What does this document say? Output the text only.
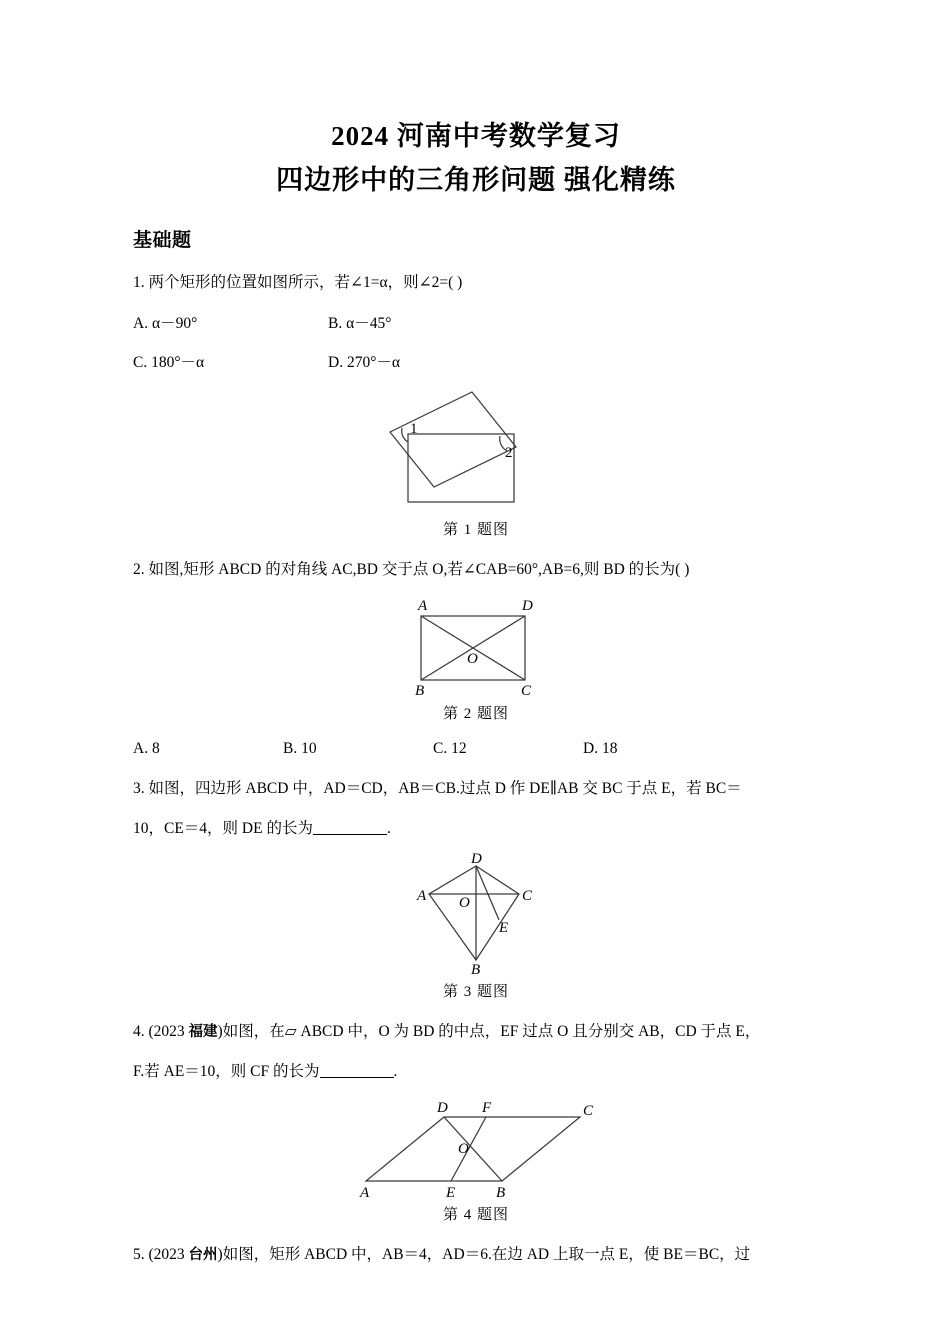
2024 河南中考数学复习
四边形中的三角形问题 强化精练
基础题
1. 两个矩形的位置如图所示，若∠1=α，则∠2=( )
A. α－90°	B. α－45°
C. 180°－α	D. 270°－α
1
2
第 1 题图
2. 如图,矩形 ABCD 的对角线 AC,BD 交于点 O,若∠CAB=60°,AB=6,则 BD 的长为( )
A	D
B	C
O
第 2 题图
A. 8	B. 10	C. 12	D. 18
3. 如图，四边形 ABCD 中，AD＝CD，AB＝CB.过点 D 作 DE∥AB 交 BC 于点 E，若 BC＝
10，CE＝4，则 DE 的长为	.
A	C
D
B
O
E
第 3 题图
4. (2023 福建)如图，在▱ ABCD 中，O 为 BD 的中点，EF 过点 O 且分别交 AB，CD 于点 E，
F.若 AE＝10，则 CF 的长为	.
A	B
C
D
E
F
O
第 4 题图
5. (2023 台州)如图，矩形 ABCD 中，AB＝4，AD＝6.在边 AD 上取一点 E，使 BE＝BC，过
